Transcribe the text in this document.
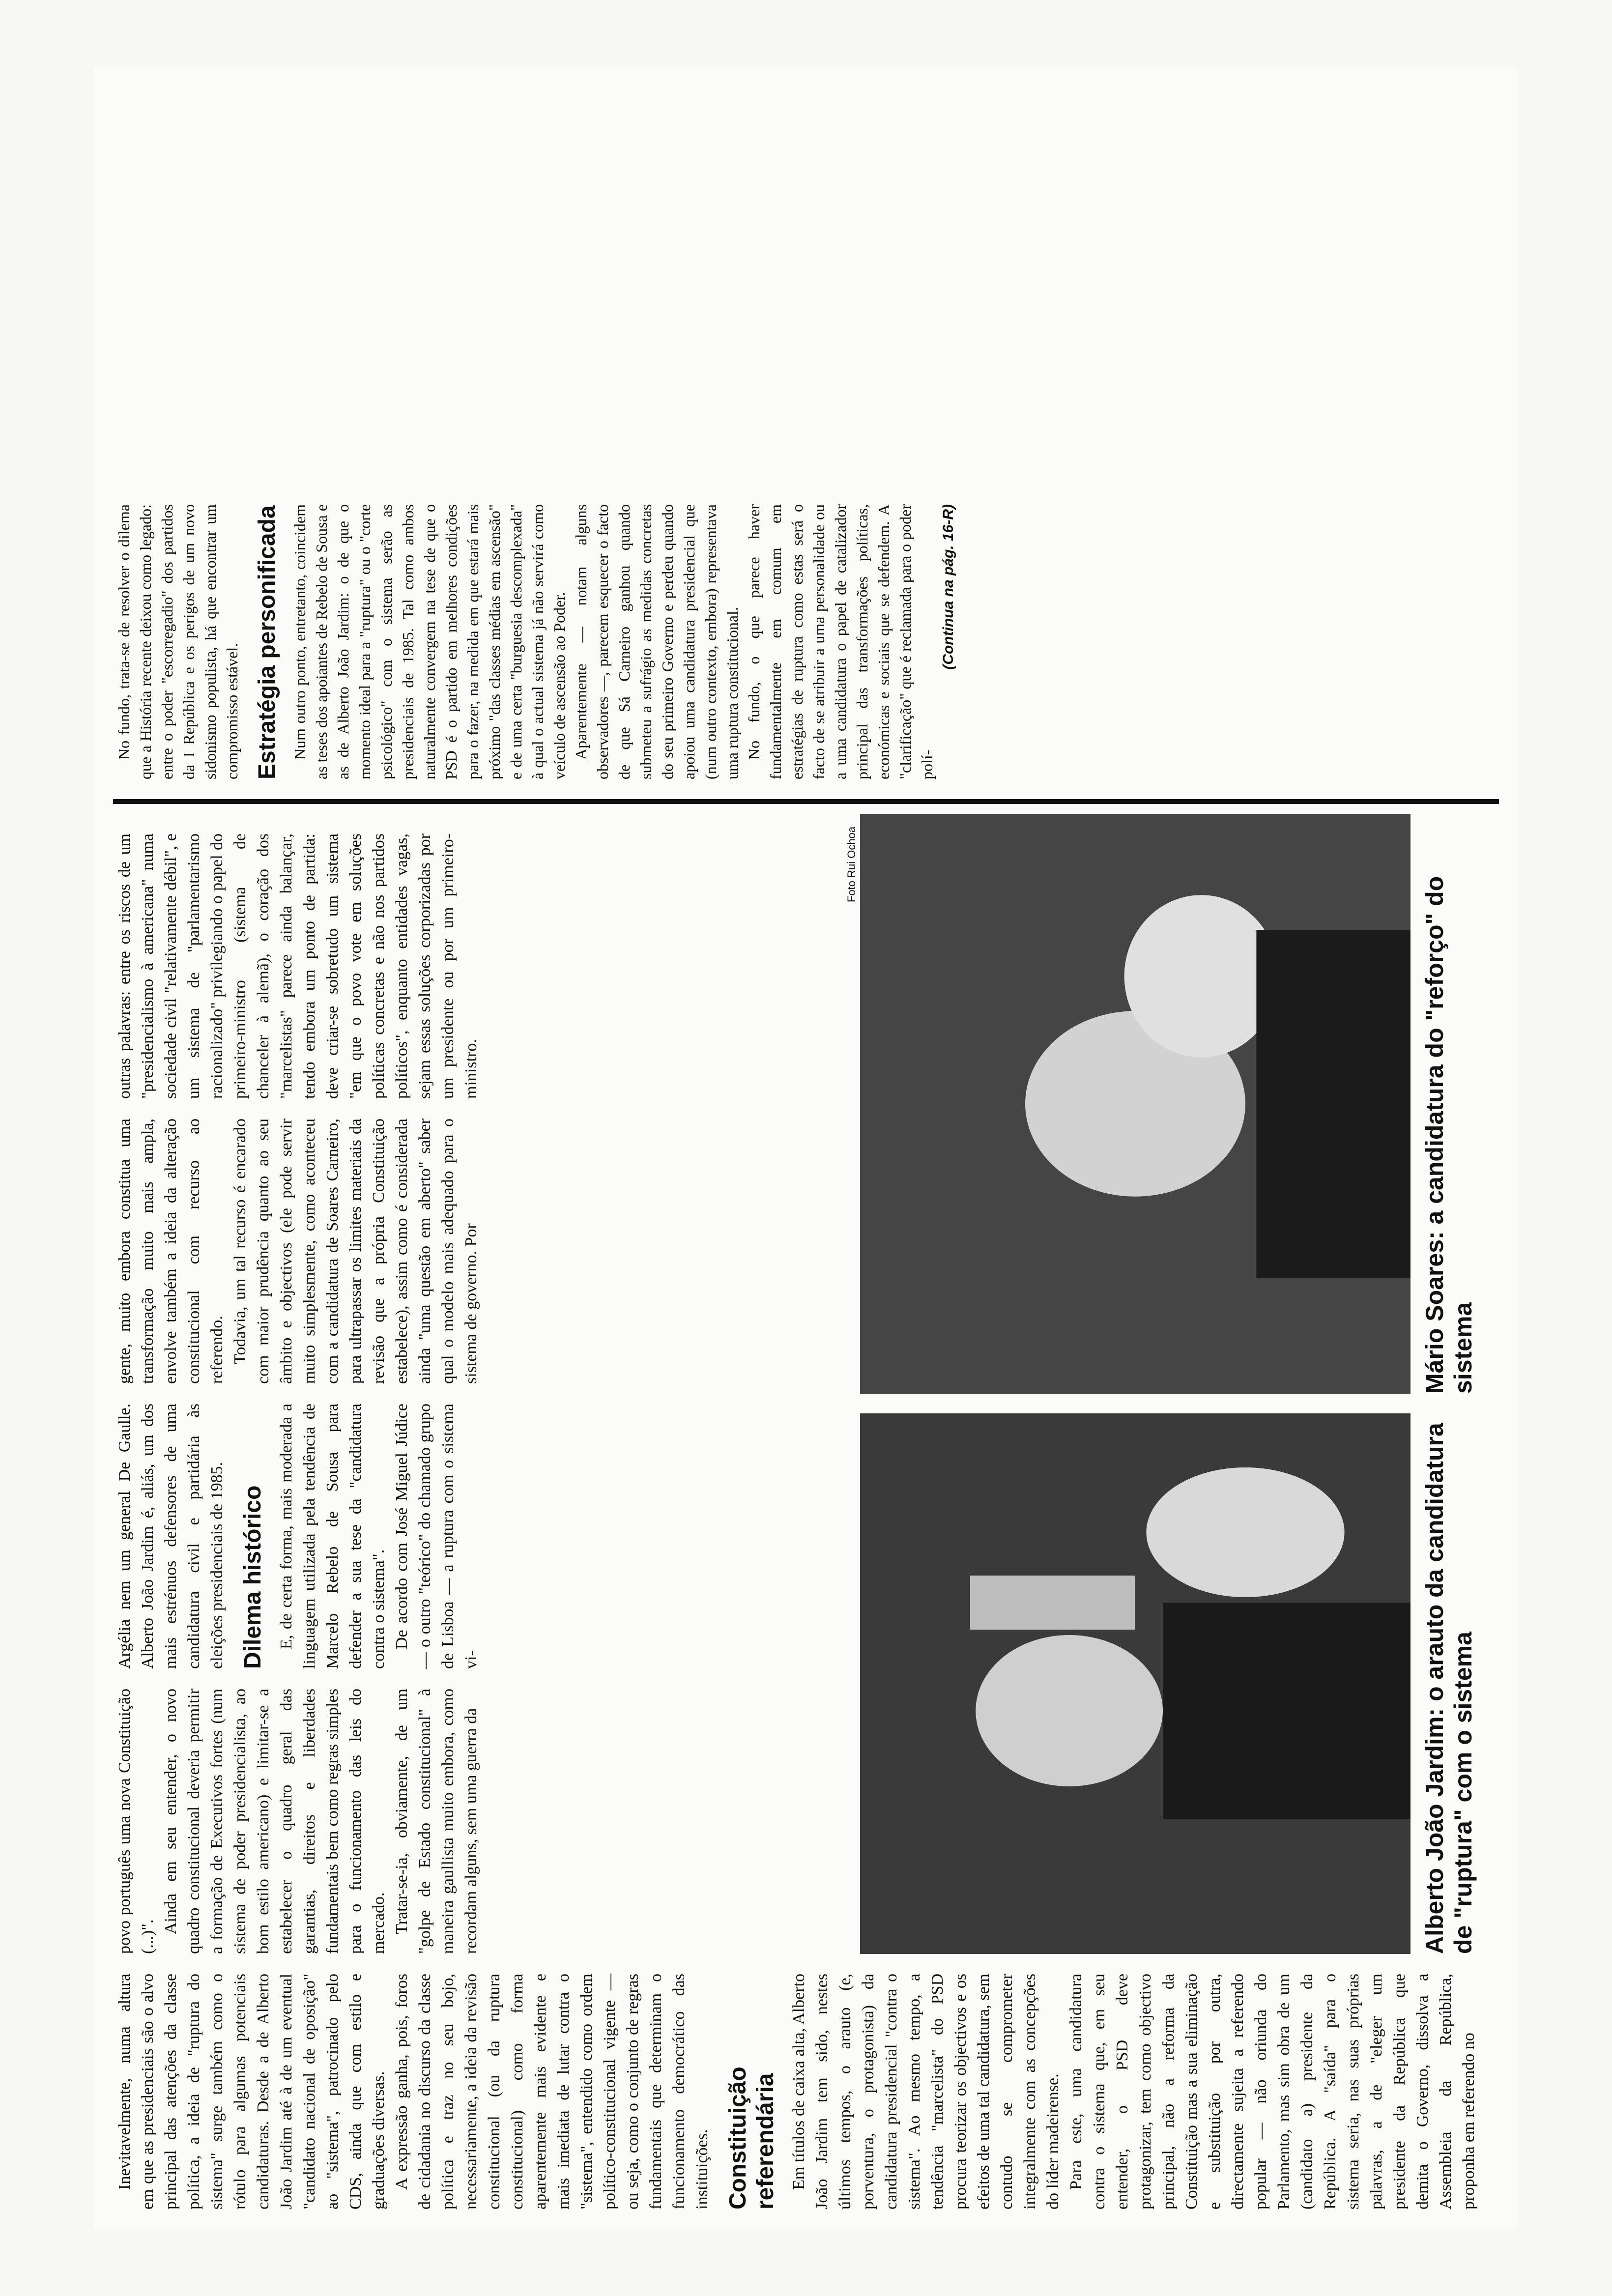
Inevitavelmente, numa altura em que as presidenciais são o alvo principal das atenções da classe política, a ideia de "ruptura do sistema" surge também como o rótulo para algumas potenciais candidaturas. Desde a de Alberto João Jardim até à de um eventual "candidato nacional de oposição" ao "sistema", patrocinado pelo CDS, ainda que com estilo e graduações diversas. A expressão ganha, pois, foros de cidadania no discurso da classe política e traz no seu bojo, necessariamente, a ideia da revisão constitucional (ou da ruptura constitucional) como forma aparentemente mais evidente e mais imediata de lutar contra o "sistema", entendido como ordem político-constitucional vigente — ou seja, como o conjunto de regras fundamentais que determinam o funcionamento democrático das instituições. Constituição referendária Em títulos de caixa alta, Alberto João Jardim tem sido, nestes últimos tempos, o arauto (e, porventura, o protagonista) da candidatura presidencial "contra o sistema". Ao mesmo tempo, a tendência "marcelista" do PSD procura teorizar os objectivos e os efeitos de uma tal candidatura, sem contudo se comprometer integralmente com as concepções do líder madeirense. Para este, uma candidatura contra o sistema que, em seu entender, o PSD deve protagonizar, tem como objectivo principal, não a reforma da Constituição mas a sua eliminação e substituição por outra, directamente sujeita a referendo popular — não oriunda do Parlamento, mas sim obra de um (candidato a) presidente da República. A "saída" para o sistema seria, nas suas próprias palavras, a de "eleger um presidente da República que demita o Governo, dissolva a Assembleia da República, proponha em referendo no

povo português uma nova Constituição (...)".

Ainda em seu entender, o novo quadro constitucional deveria permitir a formação de Executivos fortes (num sistema de poder presidencialista, ao bom estilo americano) e limitar-se a estabelecer o quadro geral das garantias, direitos e liberdades fundamentais bem como regras simples para o funcionamento das leis do mercado. Tratar-se-ia, obviamente, de um "golpe de Estado constitucional" à maneira gaullista muito embora, como recordam alguns, sem uma guerra da

Argélia nem um general De Gaulle. Alberto João Jardim é, aliás, um dos mais estrénuos defensores de uma candidatura civil e partidária às eleições presidenciais de 1985. Dilema histórico E, de certa forma, mais moderada a linguagem utilizada pela tendência de Marcelo Rebelo de Sousa para defender a sua tese da "candidatura contra o sistema". De acordo com José Miguel Júdice — o outro "teórico" do chamado grupo de Lisboa — a ruptura com o sistema vi-

gente, muito embora constitua uma transformação muito mais ampla, envolve também a ideia da alteração constitucional com recurso ao referendo. Todavia, um tal recurso é encarado com maior prudência quanto ao seu âmbito e objectivos (ele pode servir muito simplesmente, como aconteceu com a candidatura de Soares Carneiro, para ultrapassar os limites materiais da revisão que a própria Constituição estabelece), assim como é considerada ainda "uma questão em aberto" saber qual o modelo mais adequado para o sistema de governo. Por

outras palavras: entre os riscos de um "presidencialismo à americana" numa sociedade civil "relativamente débil", e um sistema de "parlamentarismo racionalizado" privilegiando o papel do primeiro-ministro (sistema de chanceler à alemã), o coração dos "marcelistas" parece ainda balançar, tendo embora um ponto de partida: deve criar-se sobretudo um sistema "em que o povo vote em soluções políticas concretas e não nos partidos políticos", enquanto entidades vagas, sejam essas soluções corporizadas por um presidente ou por um primeiro-ministro.

No fundo, trata-se de resolver o dilema que a História recente deixou como legado: entre o poder "escorregadio" dos partidos da I República e os perigos de um novo sidonismo populista, há que encontrar um compromisso estável. Estratégia personificada Num outro ponto, entretanto, coincidem as teses dos apoiantes de Rebelo de Sousa e as de Alberto João Jardim: o de que o momento ideal para a "ruptura" ou o "corte psicológico" com o sistema serão as presidenciais de 1985. Tal como ambos naturalmente convergem na tese de que o PSD é o partido em melhores condições para o fazer, na medida em que estará mais próximo "das classes médias em ascensão" e de uma certa "burguesia descomplexada" à qual o actual sistema já não servirá como veículo de ascensão ao Poder. Aparentemente — notam alguns observadores —, parecem esquecer o facto de que Sá Carneiro ganhou quando submeteu a sufrágio as medidas concretas do seu primeiro Governo e perdeu quando apoiou uma candidatura presidencial que (num outro contexto, embora) representava uma ruptura constitucional. No fundo, o que parece haver fundamentalmente em comum em estratégias de ruptura como estas será o facto de se atribuir a uma personalidade ou a uma candidatura o papel de catalizador principal das transformações políticas, económicas e sociais que se defendem. A "clarificação" que é reclamada para o poder polí-

(Continua na pág. 16-R)
Foto Rui Ochoa
Alberto João Jardim: o arauto da candidatura de "ruptura" com o sistema
Mário Soares: a candidatura do "reforço" do sistema
